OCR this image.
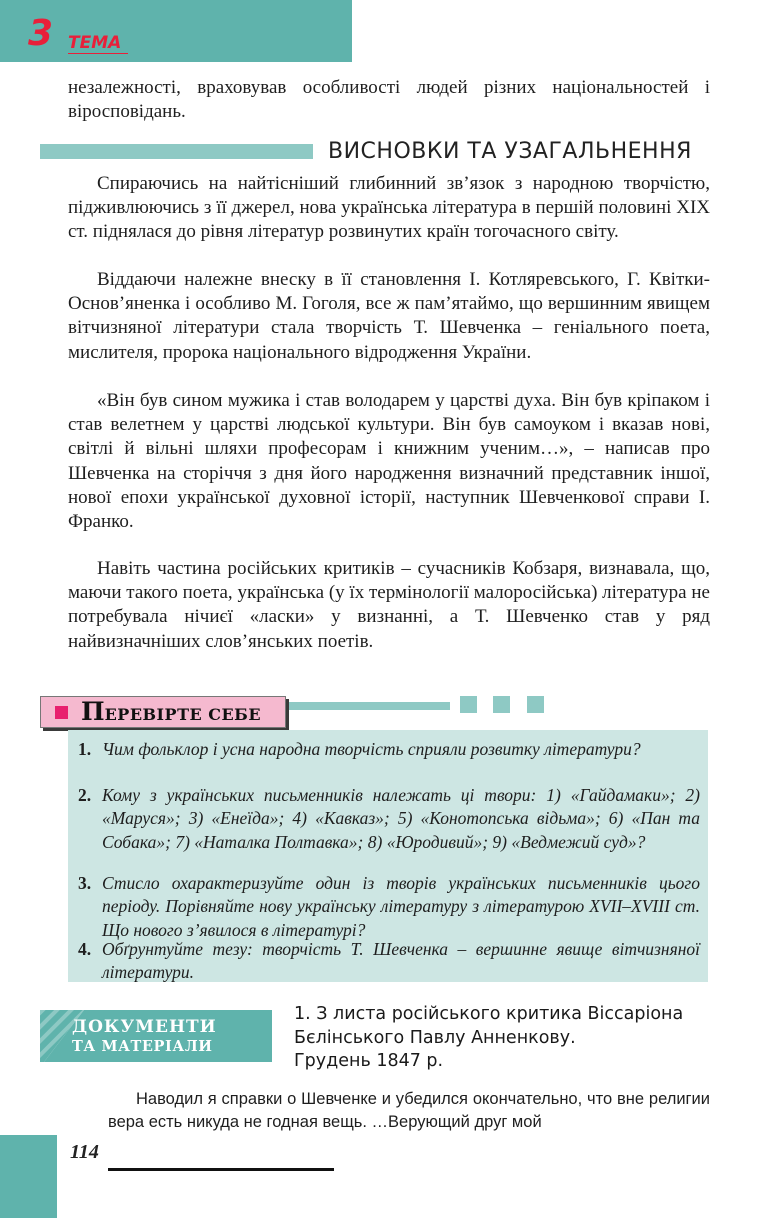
3 ТЕМА

незалежності, враховував особливості людей різних національностей і віросповідань.

ВИСНОВКИ ТА УЗАГАЛЬНЕННЯ

Спираючись на найтісніший глибинний зв’язок з народною творчістю, підживлюючись з її джерел, нова українська література в першій половині XIX ст. піднялася до рівня літератур розвинутих країн тогочасного світу.

Віддаючи належне внеску в її становлення І. Котляревського, Г. Квітки-Основ’яненка і особливо М. Гоголя, все ж пам’ятаймо, що вершинним явищем вітчизняної літератури стала творчість Т. Шевченка – геніального поета, мислителя, пророка національного відродження України.

«Він був сином мужика і став володарем у царстві духа. Він був кріпаком і став велетнем у царстві людської культури. Він був самоуком і вказав нові, світлі й вільні шляхи професорам і книжним ученим…», – написав про Шевченка на сторіччя з дня його народження визначний представник іншої, нової епохи української духовної історії, наступник Шевченкової справи І. Франко.

Навіть частина російських критиків – сучасників Кобзаря, визнавала, що, маючи такого поета, українська (у їх термінології малоросійська) література не потребувала нічиєї «ласки» у визнанні, а Т. Шевченко став у ряд найвизначніших слов’янських поетів.

ПЕРЕВІРТЕ СЕБЕ

1. Чим фольклор і усна народна творчість сприяли розвитку літератури?

2. Кому з українських письменників належать ці твори: 1) «Гайдамаки»; 2) «Маруся»; 3) «Енеїда»; 4) «Кавказ»; 5) «Конотопська відьма»; 6) «Пан та Собака»; 7) «Наталка Полтавка»; 8) «Юродивий»; 9) «Ведмежий суд»?

3. Стисло охарактеризуйте один із творів українських письменників цього періоду. Порівняйте нову українську літературу з літературою XVII–XVIII ст. Що нового з’явилося в літературі?

4. Обґрунтуйте тезу: творчість Т. Шевченка – вершинне явище вітчизняної літератури.

ДОКУМЕНТИ
ТА МАТЕРІАЛИ
1. З листа російського критика Віссаріона
Бєлінського Павлу Анненкову.
Грудень 1847 р.

Наводил я справки о Шевченке и убедился окончательно, что вне религии вера есть никуда не годная вещь. …Верующий друг мой

114
